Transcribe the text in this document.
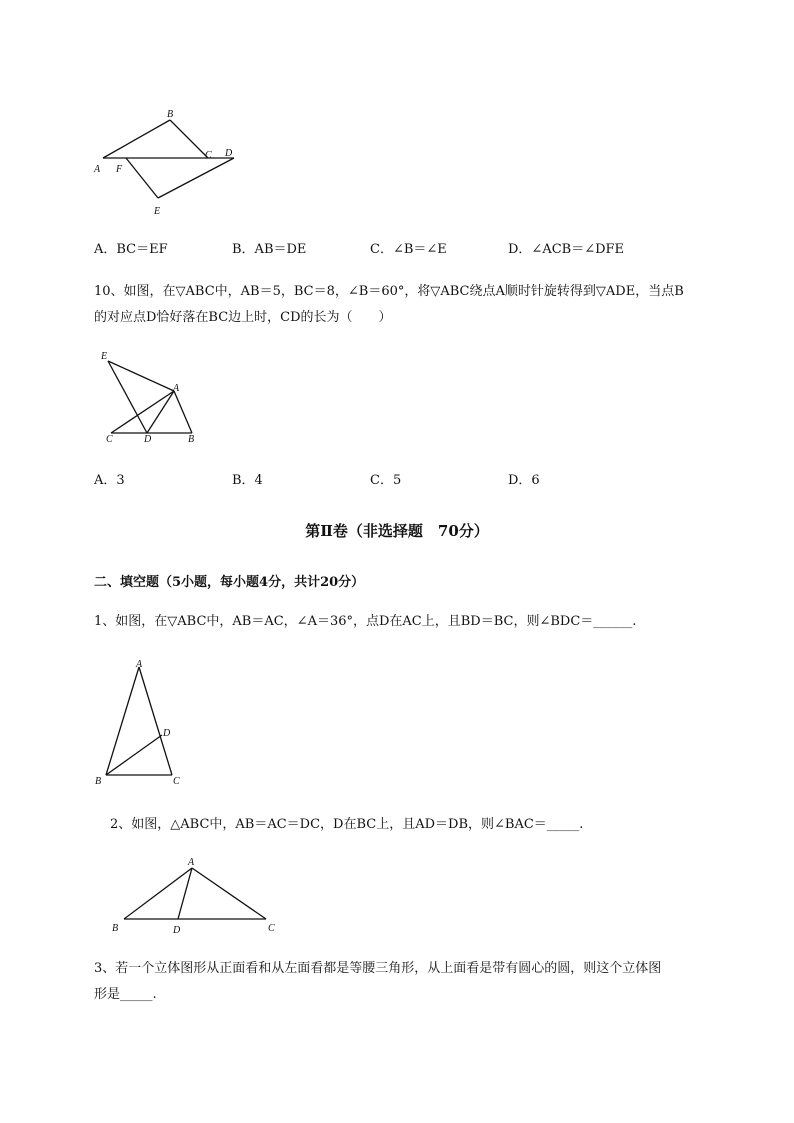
A F
B
C D
E
A．BC＝EF	B．AB＝DE	C．∠B＝∠E	D．∠ACB＝∠DFE
10、如图，在▽ABC中，AB＝5，BC＝8，∠B＝60°，将▽ABC绕点A顺时针旋转得到▽ADE，当点B
的对应点D恰好落在BC边上时，CD的长为（　　）
E
A
C	D	B
A．3	B．4	C．5	D．6
第Ⅱ卷（非选择题　70分）
二、填空题（5小题，每小题4分，共计20分）
1、如图，在▽ABC中，AB＝AC，∠A＝36°，点D在AC上，且BD＝BC，则∠BDC＝______.
A
D
B	C
2、如图，△ABC中，AB＝AC＝DC，D在BC上，且AD＝DB，则∠BAC＝_____.
A
B	D	C
3、若一个立体图形从正面看和从左面看都是等腰三角形，从上面看是带有圆心的圆，则这个立体图
形是_____.
